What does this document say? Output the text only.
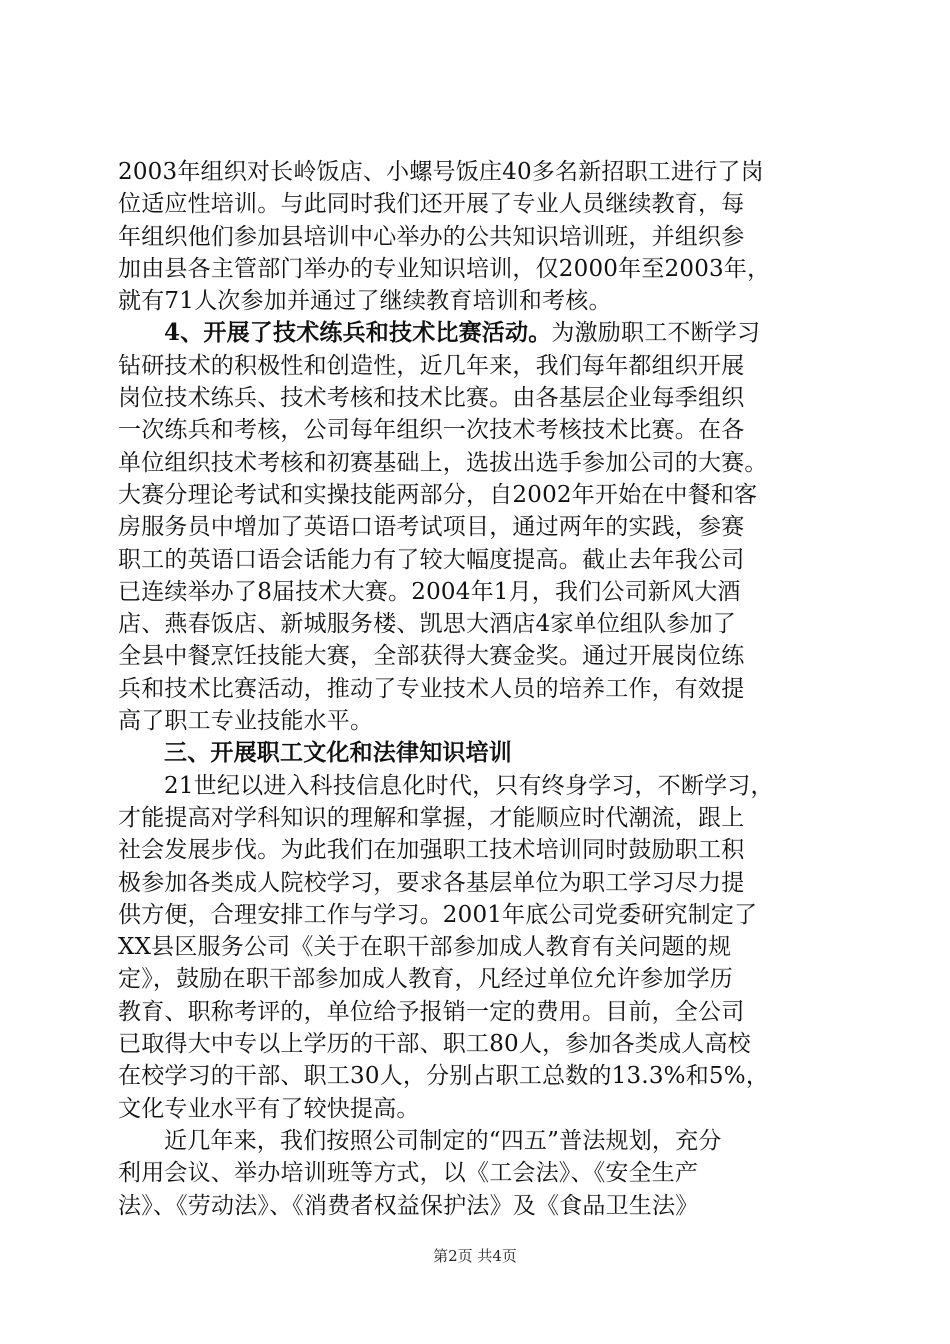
2003年组织对长岭饭店、小螺号饭庄40多名新招职工进行了岗
位适应性培训。与此同时我们还开展了专业人员继续教育，每
年组织他们参加县培训中心举办的公共知识培训班，并组织参
加由县各主管部门举办的专业知识培训，仅2000年至2003年，
就有71人次参加并通过了继续教育培训和考核。
4、开展了技术练兵和技术比赛活动。为激励职工不断学习
钻研技术的积极性和创造性，近几年来，我们每年都组织开展
岗位技术练兵、技术考核和技术比赛。由各基层企业每季组织
一次练兵和考核，公司每年组织一次技术考核技术比赛。在各
单位组织技术考核和初赛基础上，选拔出选手参加公司的大赛。
大赛分理论考试和实操技能两部分，自2002年开始在中餐和客
房服务员中增加了英语口语考试项目，通过两年的实践，参赛
职工的英语口语会话能力有了较大幅度提高。截止去年我公司
已连续举办了8届技术大赛。2004年1月，我们公司新风大酒
店、燕春饭店、新城服务楼、凯思大酒店4家单位组队参加了
全县中餐烹饪技能大赛，全部获得大赛金奖。通过开展岗位练
兵和技术比赛活动，推动了专业技术人员的培养工作，有效提
高了职工专业技能水平。
三、开展职工文化和法律知识培训
21世纪以进入科技信息化时代，只有终身学习，不断学习，
才能提高对学科知识的理解和掌握，才能顺应时代潮流，跟上
社会发展步伐。为此我们在加强职工技术培训同时鼓励职工积
极参加各类成人院校学习，要求各基层单位为职工学习尽力提
供方便，合理安排工作与学习。2001年底公司党委研究制定了
XX县区服务公司《关于在职干部参加成人教育有关问题的规
定》，鼓励在职干部参加成人教育，凡经过单位允许参加学历
教育、职称考评的，单位给予报销一定的费用。目前，全公司
已取得大中专以上学历的干部、职工80人，参加各类成人高校
在校学习的干部、职工30人，分别占职工总数的13.3%和5%，
文化专业水平有了较快提高。
近几年来，我们按照公司制定的“四五”普法规划，充分
利用会议、举办培训班等方式，以《工会法》、《安全生产
法》、《劳动法》、《消费者权益保护法》及《食品卫生法》
第2页 共4页
